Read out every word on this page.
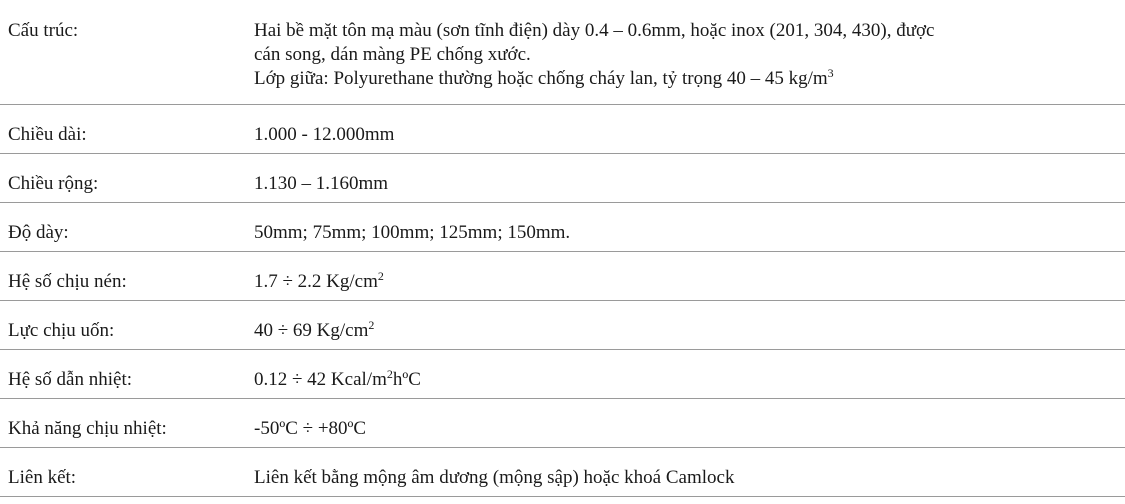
Cấu trúc:	Hai bề mặt tôn mạ màu (sơn tĩnh điện) dày 0.4 – 0.6mm, hoặc inox (201, 304, 430), được
cán song, dán màng PE chống xước.
Lớp giữa: Polyurethane thường hoặc chống cháy lan, tỷ trọng 40 – 45 $kg/m^3$

Chiều dài:	1.000 - 12.000mm
Chiều rộng:	1.130 – 1.160mm
Độ dày:	50mm; 75mm; 100mm; 125mm; 150mm.
Hệ số chịu nén:	1.7 ÷ 2.2 $Kg/cm^2$
Lực chịu uốn:	40 ÷ 69 $Kg/cm^2$
Hệ số dẫn nhiệt:	0.12 ÷ 42 Kcal/$m^2hºC$
Khả năng chịu nhiệt:	-50ºC ÷ +80ºC
Liên kết:	Liên kết bằng mộng âm dương (mộng sập) hoặc khoá Camlock
